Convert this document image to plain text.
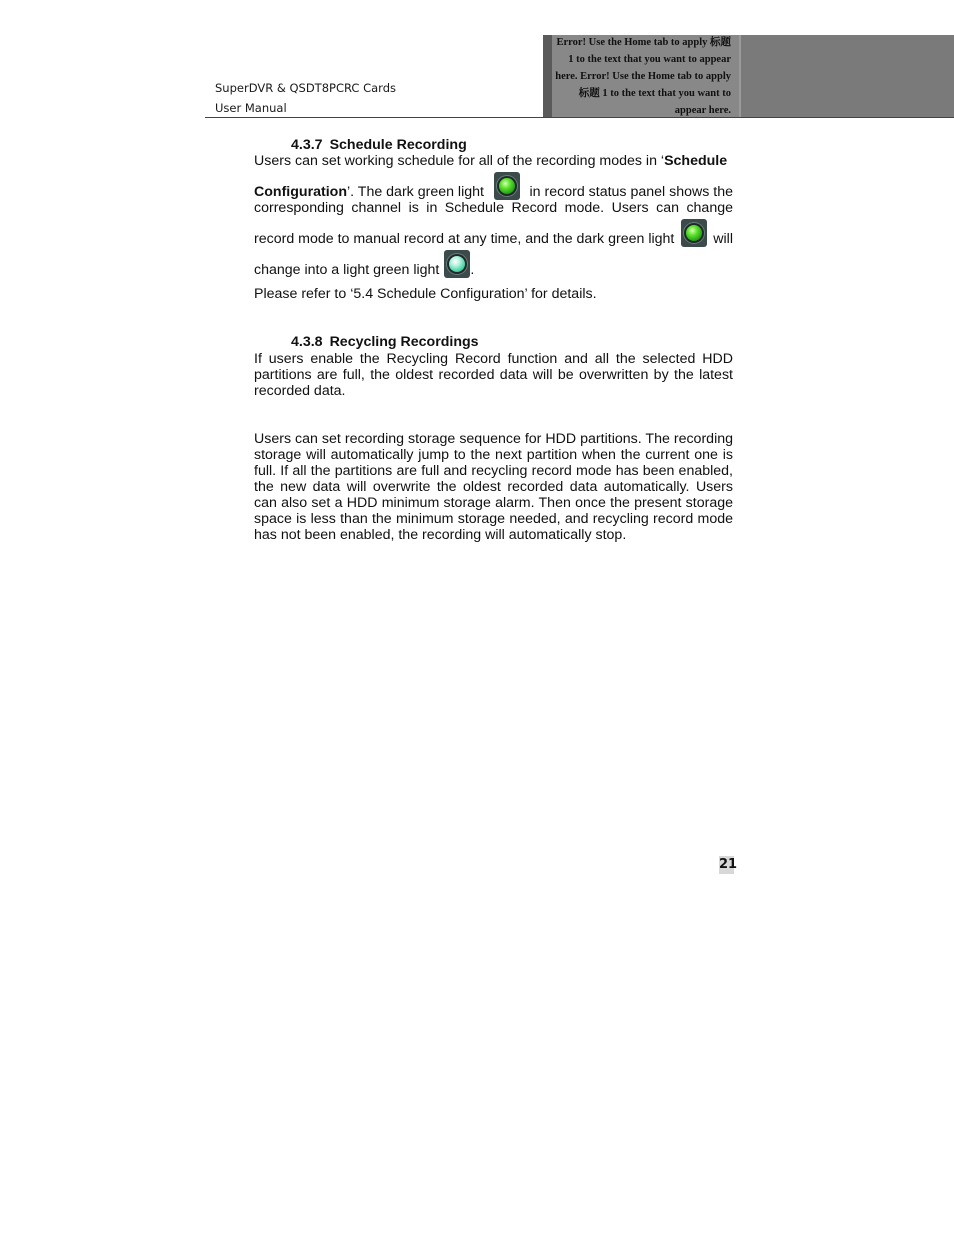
SuperDVR & QSDT8PCRC Cards
User Manual

Error! Use the Home tab to apply 标题 1 to the text that you want to appear here. Error! Use the Home tab to apply 标题 1 to the text that you want to appear here.

4.3.7 Schedule Recording
Users can set working schedule for all of the recording modes in ‘Schedule
Configuration’. The dark green light	in record status panel shows the
corresponding channel is in Schedule Record mode. Users can change
record mode to manual record at any time, and the dark green light	will
change into a light green light .

Please refer to ‘5.4 Schedule Configuration’ for details.

4.3.8 Recycling Recordings

If users enable the Recycling Record function and all the selected HDD partitions are full, the oldest recorded data will be overwritten by the latest recorded data.

Users can set recording storage sequence for HDD partitions. The recording storage will automatically jump to the next partition when the current one is full. If all the partitions are full and recycling record mode has been enabled, the new data will overwrite the oldest recorded data automatically. Users can also set a HDD minimum storage alarm. Then once the present storage space is less than the minimum storage needed, and recycling record mode has not been enabled, the recording will automatically stop.

21
